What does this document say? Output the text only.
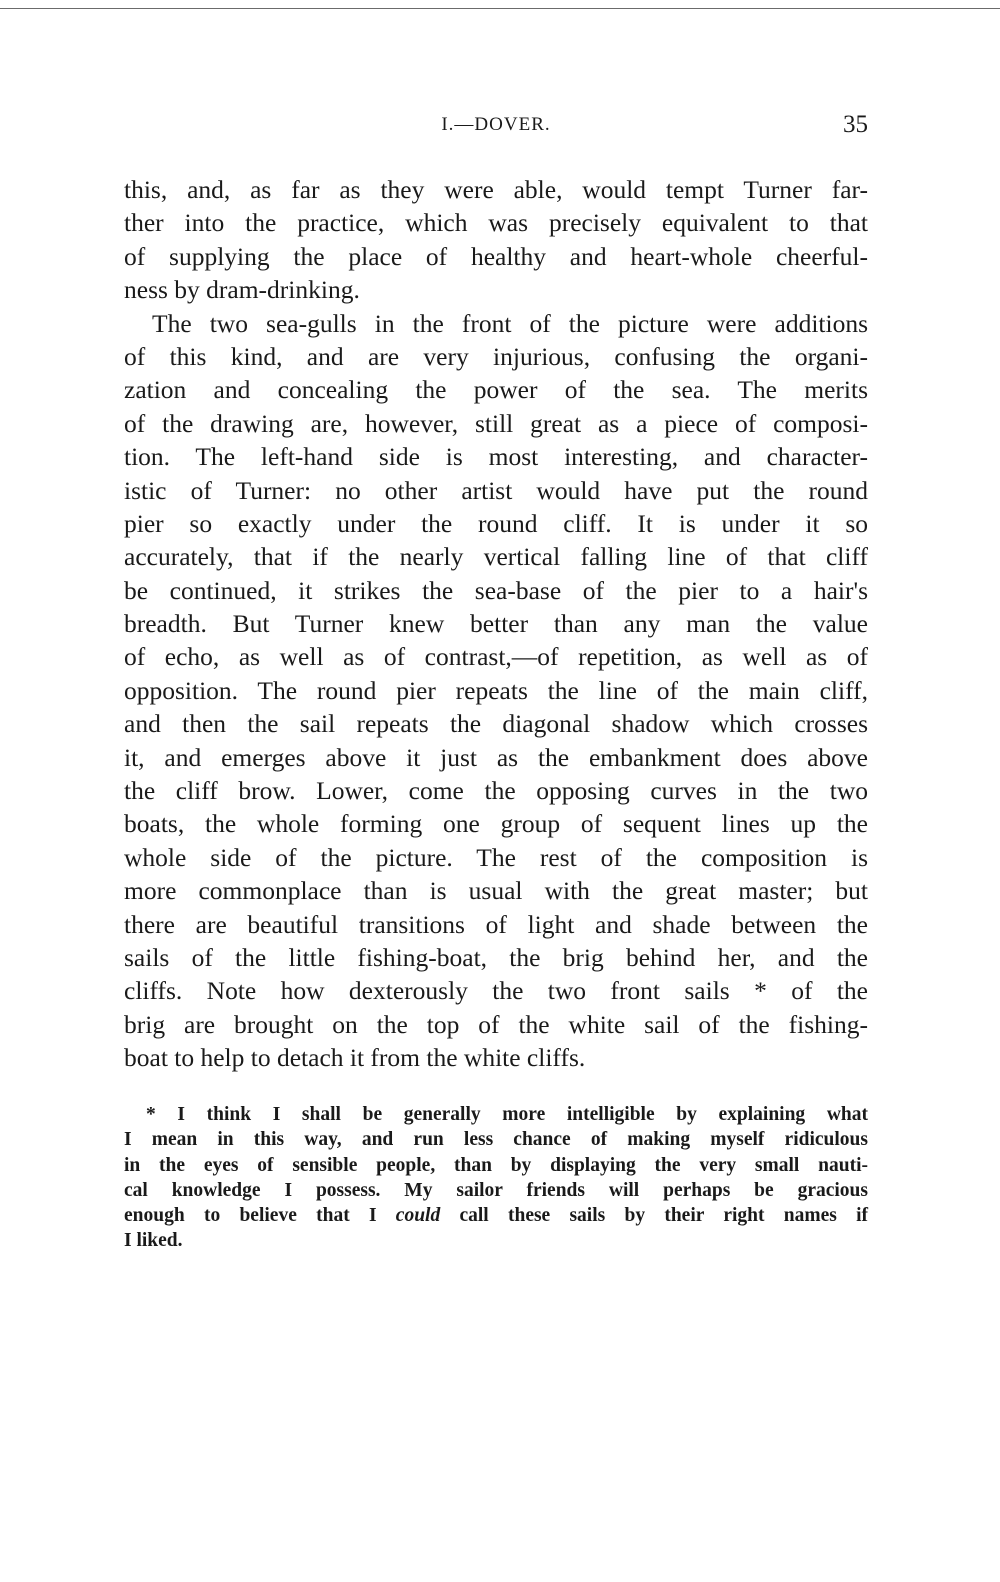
I.—DOVER.	35
this, and, as far as they were able, would tempt Turner far-
ther into the practice, which was precisely equivalent to that
of supplying the place of healthy and heart-whole cheerful-
ness by dram-drinking.
The two sea-gulls in the front of the picture were additions
of this kind, and are very injurious, confusing the organi-
zation and concealing the power of the sea. The merits
of the drawing are, however, still great as a piece of composi-
tion. The left-hand side is most interesting, and character-
istic of Turner: no other artist would have put the round
pier so exactly under the round cliff. It is under it so
accurately, that if the nearly vertical falling line of that cliff
be continued, it strikes the sea-base of the pier to a hair's
breadth. But Turner knew better than any man the value
of echo, as well as of contrast,—of repetition, as well as of
opposition. The round pier repeats the line of the main cliff,
and then the sail repeats the diagonal shadow which crosses
it, and emerges above it just as the embankment does above
the cliff brow. Lower, come the opposing curves in the two
boats, the whole forming one group of sequent lines up the
whole side of the picture. The rest of the composition is
more commonplace than is usual with the great master; but
there are beautiful transitions of light and shade between the
sails of the little fishing-boat, the brig behind her, and the
cliffs. Note how dexterously the two front sails * of the
brig are brought on the top of the white sail of the fishing-
boat to help to detach it from the white cliffs.
* I think I shall be generally more intelligible by explaining what
I mean in this way, and run less chance of making myself ridiculous
in the eyes of sensible people, than by displaying the very small nauti-
cal knowledge I possess. My sailor friends will perhaps be gracious
enough to believe that I could call these sails by their right names if
I liked.
